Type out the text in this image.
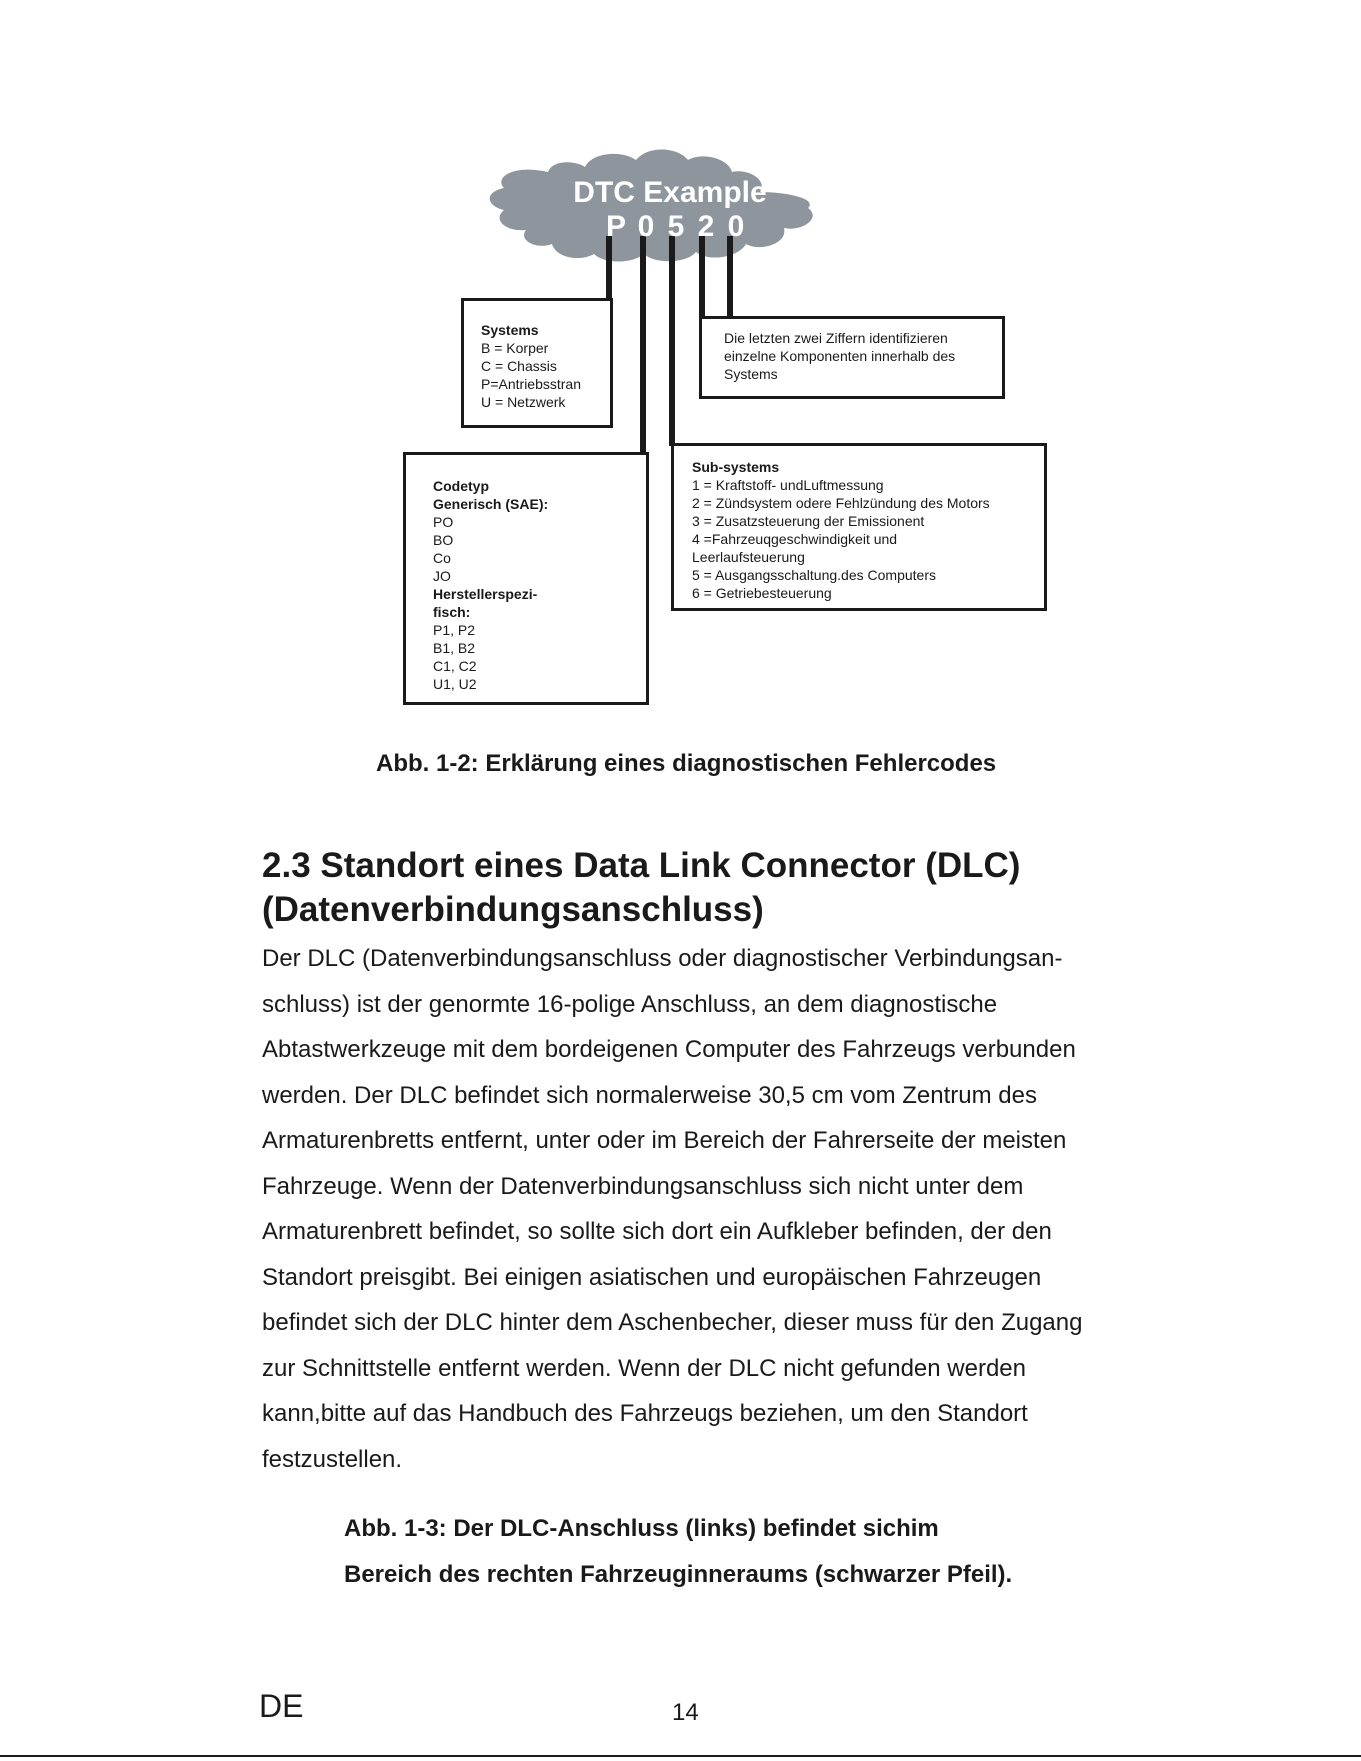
DTC Example
P 0 5 2 0
Systems
B = Korper
C = Chassis
P=Antriebsstran
U = Netzwerk
Die letzten zwei Ziffern identifizieren
einzelne Komponenten innerhalb des
Systems
Codetyp
Generisch (SAE):
PO
BO
Co
JO
Herstellerspezi-
fisch:
P1, P2
B1, B2
C1, C2
U1, U2
Sub-systems
1 = Kraftstoff- undLuftmessung
2 = Zündsystem odere Fehlzündung des Motors
3 = Zusatzsteuerung der Emissionent
4 =Fahrzeuqgeschwindigkeit und
Leerlaufsteuerung
5 = Ausgangsschaltung.des Computers
6 = Getriebesteuerung
Abb. 1-2: Erklärung eines diagnostischen Fehlercodes
2.3 Standort eines Data Link Connector (DLC)
(Datenverbindungsanschluss)
Der DLC (Datenverbindungsanschluss oder diagnostischer Verbindungsan-
schluss) ist der genormte 16-polige Anschluss, an dem diagnostische
Abtastwerkzeuge mit dem bordeigenen Computer des Fahrzeugs verbunden
werden. Der DLC befindet sich normalerweise 30,5 cm vom Zentrum des
Armaturenbretts entfernt, unter oder im Bereich der Fahrerseite der meisten
Fahrzeuge. Wenn der Datenverbindungsanschluss sich nicht unter dem
Armaturenbrett befindet, so sollte sich dort ein Aufkleber befinden, der den
Standort preisgibt. Bei einigen asiatischen und europäischen Fahrzeugen
befindet sich der DLC hinter dem Aschenbecher, dieser muss für den Zugang
zur Schnittstelle entfernt werden. Wenn der DLC nicht gefunden werden
kann,bitte auf das Handbuch des Fahrzeugs beziehen, um den Standort
festzustellen.
Abb. 1-3: Der DLC-Anschluss (links) befindet sichim
Bereich des rechten Fahrzeuginneraums (schwarzer Pfeil).
DE	14
